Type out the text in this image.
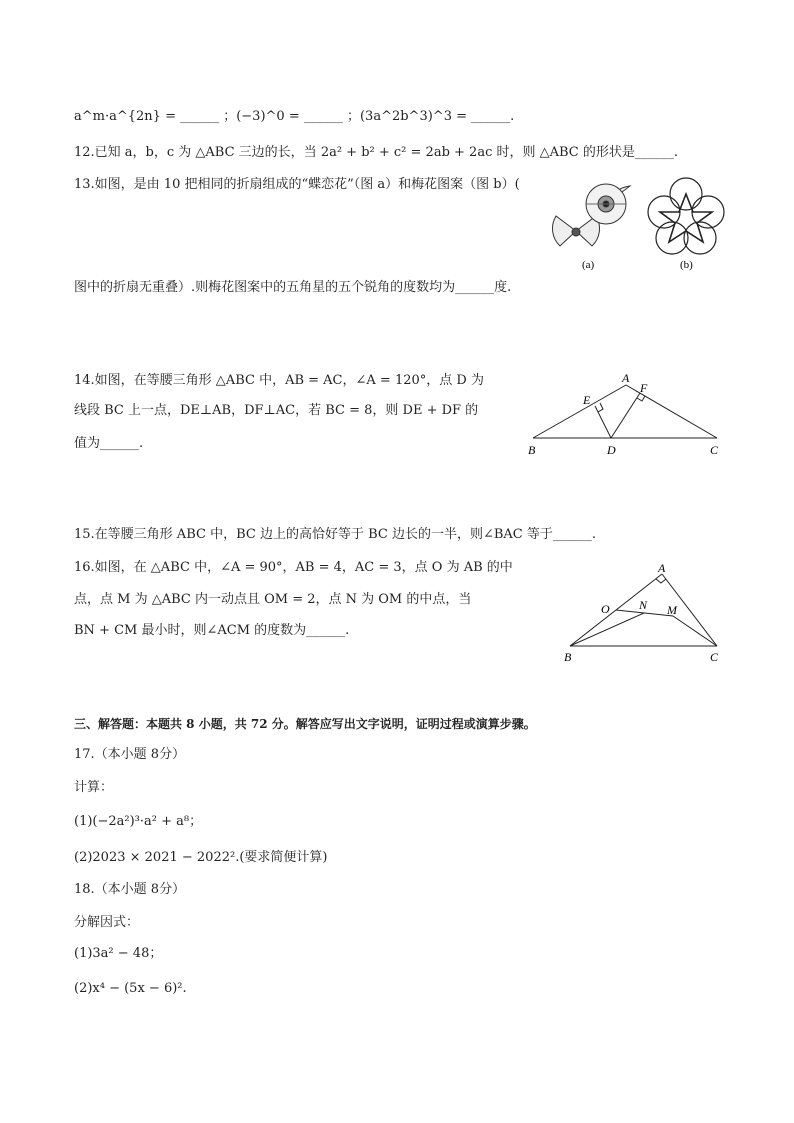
a^m·a^{2n} = ______ ；(−3)^0 = ______ ；(3a^2b^3)^3 = ______.
12.已知 a，b，c 为 △ABC 三边的长，当 2a² + b² + c² = 2ab + 2ac 时，则 △ABC 的形状是______.
13.如图，是由 10 把相同的折扇组成的“蝶恋花”（图 a）和梅花图案（图 b）(
图中的折扇无重叠）.则梅花图案中的五角星的五个锐角的度数均为______度.
(a)	(b)
14.如图，在等腰三角形 △ABC 中，AB = AC，∠A = 120°，点 D 为
线段 BC 上一点，DE⊥AB，DF⊥AC，若 BC = 8，则 DE + DF 的
值为______.
A
B	C
D
E
F
15.在等腰三角形 ABC 中，BC 边上的高恰好等于 BC 边长的一半，则∠BAC 等于______.
16.如图，在 △ABC 中，∠A = 90°，AB = 4，AC = 3，点 O 为 AB 的中
点，点 M 为 △ABC 内一动点且 OM = 2，点 N 为 OM 的中点，当
BN + CM 最小时，则∠ACM 的度数为______.
A
B	C
O N M
三、解答题：本题共 8 小题，共 72 分。解答应写出文字说明，证明过程或演算步骤。
17.（本小题 8分）
计算：
(1)(−2a²)³·a² + a⁸；
(2)2023 × 2021 − 2022².(要求简便计算)
18.（本小题 8分）
分解因式：
(1)3a² − 48；
(2)x⁴ − (5x − 6)².
